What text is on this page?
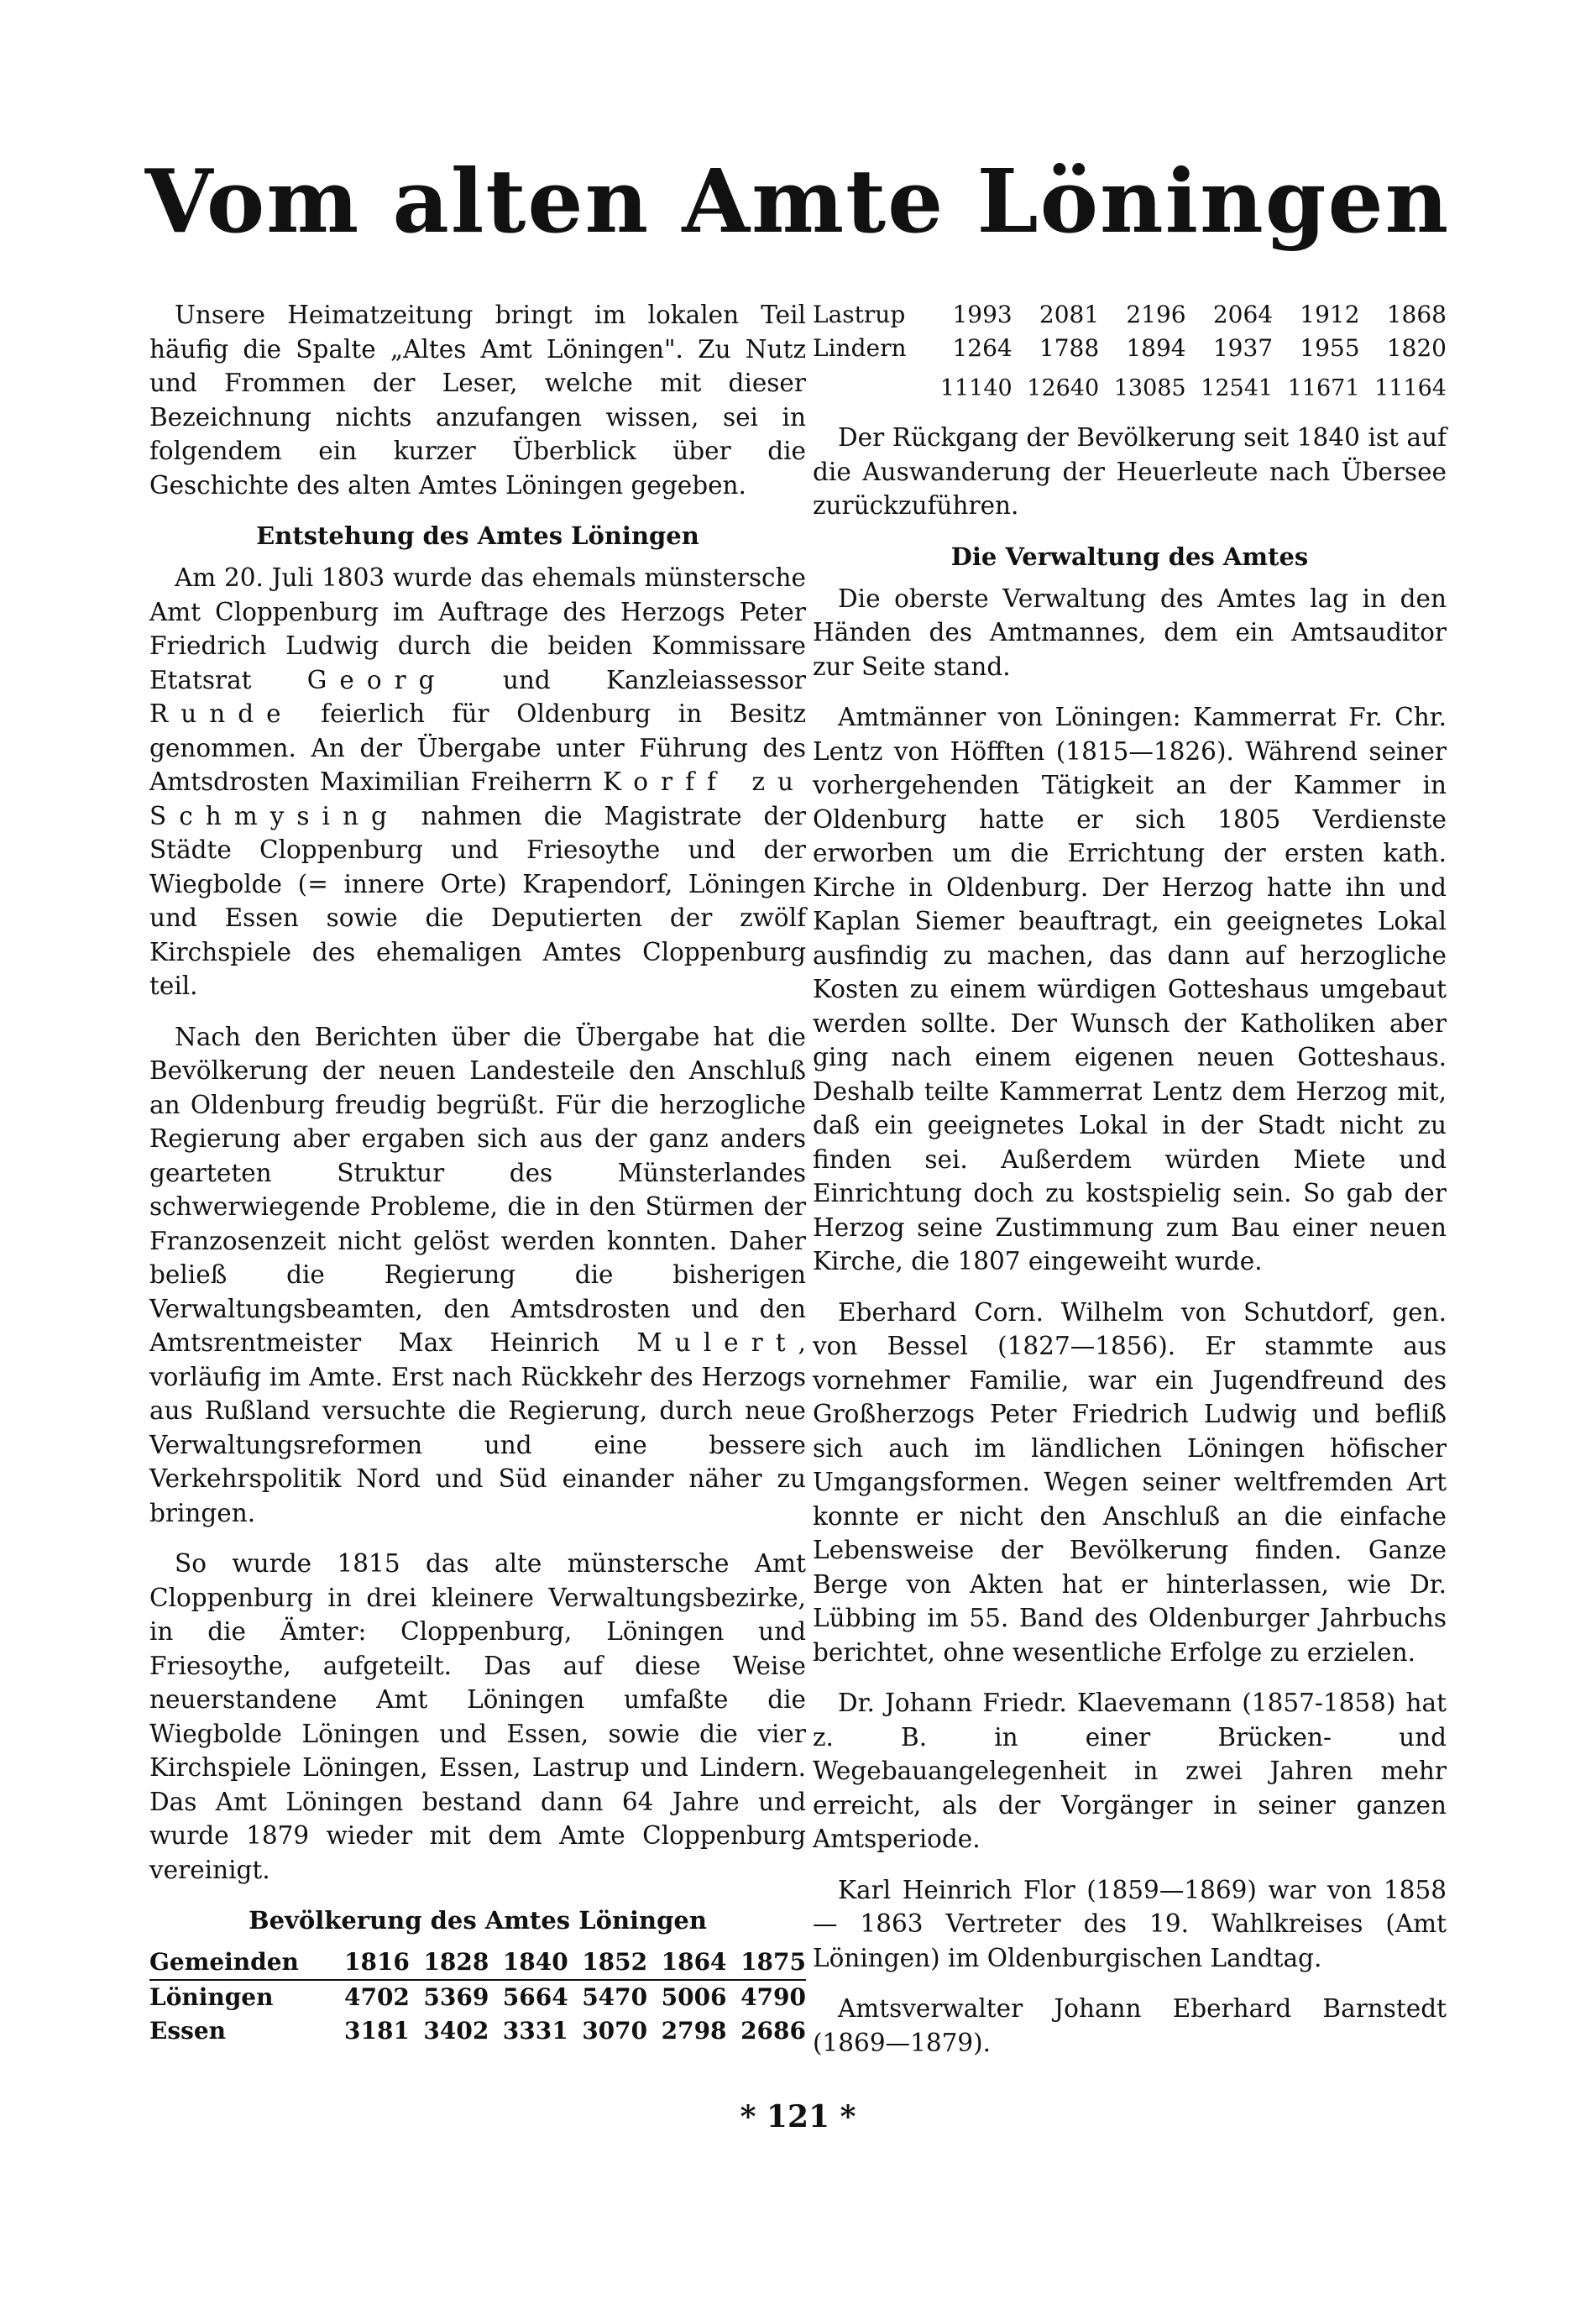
Vom alten Amte Löningen

Unsere Heimatzeitung bringt im lokalen Teil häufig die Spalte „Altes Amt Löningen". Zu Nutz und Frommen der Leser, welche mit dieser Bezeichnung nichts anzufangen wissen, sei in folgendem ein kurzer Überblick über die Geschichte des alten Amtes Löningen gegeben.

Entstehung des Amtes Löningen

Am 20. Juli 1803 wurde das ehemals münstersche Amt Cloppenburg im Auftrage des Herzogs Peter Friedrich Ludwig durch die beiden Kommissare Etatsrat Georg und Kanzleiassessor Runde feierlich für Oldenburg in Besitz genommen. An der Übergabe unter Führung des Amtsdrosten Maximilian Freiherrn Korff zu Schmysing nahmen die Magistrate der Städte Cloppenburg und Friesoythe und der Wiegbolde (= innere Orte) Krapendorf, Löningen und Essen sowie die Deputierten der zwölf Kirchspiele des ehemaligen Amtes Cloppenburg teil.

Nach den Berichten über die Übergabe hat die Bevölkerung der neuen Landesteile den Anschluß an Oldenburg freudig begrüßt. Für die herzogliche Regierung aber ergaben sich aus der ganz anders gearteten Struktur des Münsterlandes schwerwiegende Probleme, die in den Stürmen der Franzosenzeit nicht gelöst werden konnten. Daher beließ die Regierung die bisherigen Verwaltungsbeamten, den Amtsdrosten und den Amtsrentmeister Max Heinrich Mulert, vorläufig im Amte. Erst nach Rückkehr des Herzogs aus Rußland versuchte die Regierung, durch neue Verwaltungsreformen und eine bessere Verkehrspolitik Nord und Süd einander näher zu bringen.

So wurde 1815 das alte münstersche Amt Cloppenburg in drei kleinere Verwaltungsbezirke, in die Ämter: Cloppenburg, Löningen und Friesoythe, aufgeteilt. Das auf diese Weise neuerstandene Amt Löningen umfaßte die Wiegbolde Löningen und Essen, sowie die vier Kirchspiele Löningen, Essen, Lastrup und Lindern. Das Amt Löningen bestand dann 64 Jahre und wurde 1879 wieder mit dem Amte Cloppenburg vereinigt.

Bevölkerung des Amtes Löningen
Gemeinden	1816	1828	1840	1852	1864	1875
Löningen	4702	5369	5664	5470	5006	4790
Essen	3181	3402	3331	3070	2798	2686
Lastrup	1993	2081	2196	2064	1912	1868
Lindern	1264	1788	1894	1937	1955	1820
	11140	12640	13085	12541	11671	11164

Der Rückgang der Bevölkerung seit 1840 ist auf die Auswanderung der Heuerleute nach Übersee zurückzuführen.

Die Verwaltung des Amtes

Die oberste Verwaltung des Amtes lag in den Händen des Amtmannes, dem ein Amtsauditor zur Seite stand.

Amtmänner von Löningen: Kammerrat Fr. Chr. Lentz von Höfften (1815—1826). Während seiner vorhergehenden Tätigkeit an der Kammer in Oldenburg hatte er sich 1805 Verdienste erworben um die Errichtung der ersten kath. Kirche in Oldenburg. Der Herzog hatte ihn und Kaplan Siemer beauftragt, ein geeignetes Lokal ausfindig zu machen, das dann auf herzogliche Kosten zu einem würdigen Gotteshaus umgebaut werden sollte. Der Wunsch der Katholiken aber ging nach einem eigenen neuen Gotteshaus. Deshalb teilte Kammerrat Lentz dem Herzog mit, daß ein geeignetes Lokal in der Stadt nicht zu finden sei. Außerdem würden Miete und Einrichtung doch zu kostspielig sein. So gab der Herzog seine Zustimmung zum Bau einer neuen Kirche, die 1807 eingeweiht wurde.

Eberhard Corn. Wilhelm von Schutdorf, gen. von Bessel (1827—1856). Er stammte aus vornehmer Familie, war ein Jugendfreund des Großherzogs Peter Friedrich Ludwig und befliß sich auch im ländlichen Löningen höfischer Umgangsformen. Wegen seiner weltfremden Art konnte er nicht den Anschluß an die einfache Lebensweise der Bevölkerung finden. Ganze Berge von Akten hat er hinterlassen, wie Dr. Lübbing im 55. Band des Oldenburger Jahrbuchs berichtet, ohne wesentliche Erfolge zu erzielen.

Dr. Johann Friedr. Klaevemann (1857-1858) hat z. B. in einer Brücken- und Wegebauangelegenheit in zwei Jahren mehr erreicht, als der Vorgänger in seiner ganzen Amtsperiode.

Karl Heinrich Flor (1859—1869) war von 1858 — 1863 Vertreter des 19. Wahlkreises (Amt Löningen) im Oldenburgischen Landtag.

Amtsverwalter Johann Eberhard Barnstedt (1869—1879).

* 121 *
